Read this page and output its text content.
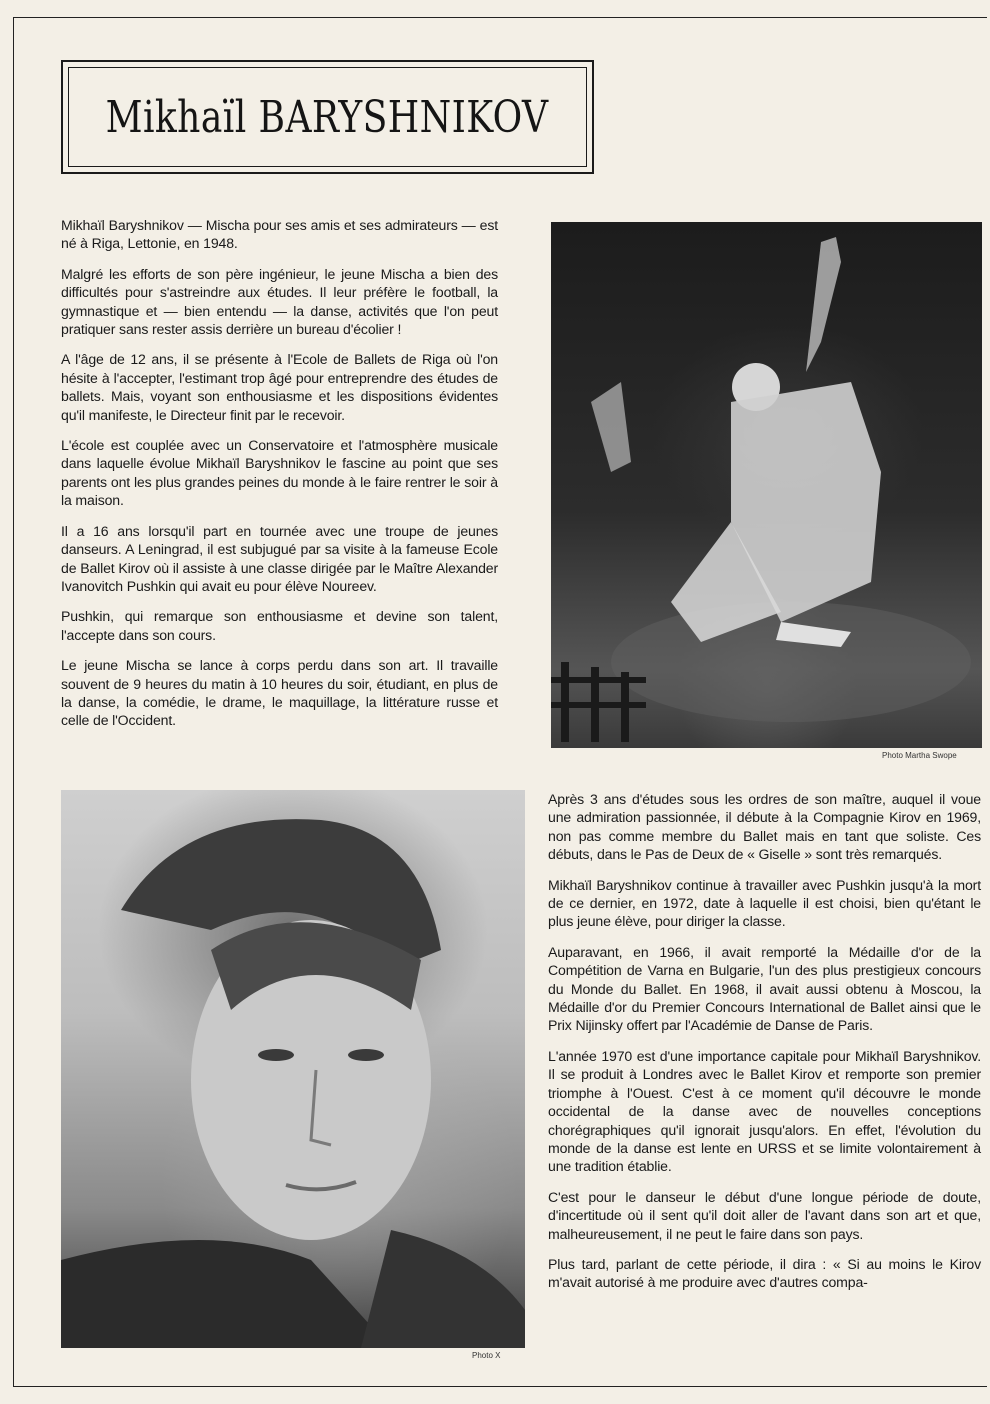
Mikhaïl BARYSHNIKOV

Mikhaïl Baryshnikov — Mischa pour ses amis et ses admirateurs — est né à Riga, Lettonie, en 1948.

Malgré les efforts de son père ingénieur, le jeune Mischa a bien des difficultés pour s'astreindre aux études. Il leur préfère le football, la gymnastique et — bien entendu — la danse, activités que l'on peut pratiquer sans rester assis derrière un bureau d'écolier !

A l'âge de 12 ans, il se présente à l'Ecole de Ballets de Riga où l'on hésite à l'accepter, l'estimant trop âgé pour entreprendre des études de ballets. Mais, voyant son enthousiasme et les dispositions évidentes qu'il manifeste, le Directeur finit par le recevoir.

L'école est couplée avec un Conservatoire et l'atmosphère musicale dans laquelle évolue Mikhaïl Baryshnikov le fascine au point que ses parents ont les plus grandes peines du monde à le faire rentrer le soir à la maison.

Il a 16 ans lorsqu'il part en tournée avec une troupe de jeunes danseurs. A Leningrad, il est subjugué par sa visite à la fameuse Ecole de Ballet Kirov où il assiste à une classe dirigée par le Maître Alexander Ivanovitch Pushkin qui avait eu pour élève Noureev.

Pushkin, qui remarque son enthousiasme et devine son talent, l'accepte dans son cours.

Le jeune Mischa se lance à corps perdu dans son art. Il travaille souvent de 9 heures du matin à 10 heures du soir, étudiant, en plus de la danse, la comédie, le drame, le maquillage, la littérature russe et celle de l'Occident.

Photo Martha Swope
Photo X

Après 3 ans d'études sous les ordres de son maître, auquel il voue une admiration passionnée, il débute à la Compagnie Kirov en 1969, non pas comme membre du Ballet mais en tant que soliste. Ces débuts, dans le Pas de Deux de « Giselle » sont très remarqués.

Mikhaïl Baryshnikov continue à travailler avec Pushkin jusqu'à la mort de ce dernier, en 1972, date à laquelle il est choisi, bien qu'étant le plus jeune élève, pour diriger la classe.

Auparavant, en 1966, il avait remporté la Médaille d'or de la Compétition de Varna en Bulgarie, l'un des plus prestigieux concours du Monde du Ballet. En 1968, il avait aussi obtenu à Moscou, la Médaille d'or du Premier Concours International de Ballet ainsi que le Prix Nijinsky offert par l'Académie de Danse de Paris.

L'année 1970 est d'une importance capitale pour Mikhaïl Baryshnikov. Il se produit à Londres avec le Ballet Kirov et remporte son premier triomphe à l'Ouest. C'est à ce moment qu'il découvre le monde occidental de la danse avec de nouvelles conceptions chorégraphiques qu'il ignorait jusqu'alors. En effet, l'évolution du monde de la danse est lente en URSS et se limite volontairement à une tradition établie.

C'est pour le danseur le début d'une longue période de doute, d'incertitude où il sent qu'il doit aller de l'avant dans son art et que, malheureusement, il ne peut le faire dans son pays.

Plus tard, parlant de cette période, il dira : « Si au moins le Kirov m'avait autorisé à me produire avec d'autres compa-
